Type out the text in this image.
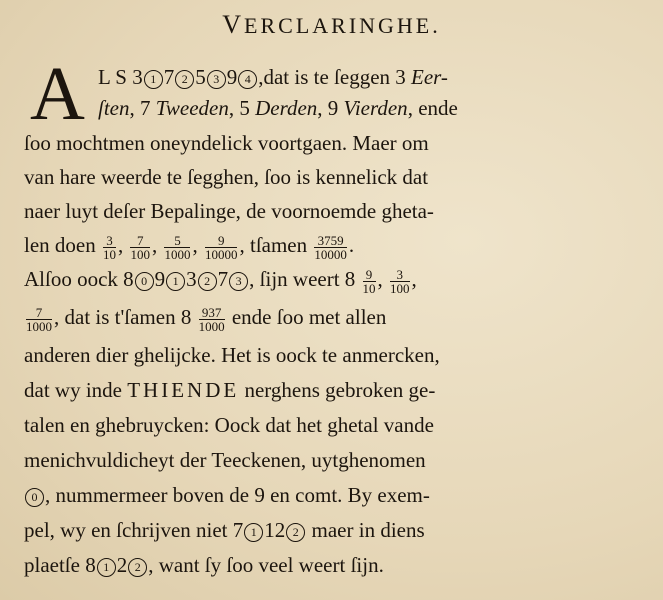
VERCLARINGHE.
A L S 3 1 7 2 5 3 9 4 ,dat is te ſeggen 3 Eer-
ſten, 7 Tweeden, 5 Derden, 9 Vierden, ende
ſoo mochtmen oneyndelick voortgaen. Maer om
van hare weerde te ſegghen, ſoo is kennelick dat
naer luyt deſer Bepalinge, de voornoemde gheta-
len doen $\frac{3}{10}$ , $\frac{7}{100}$ , $\frac{5}{1000}$ , $\frac{9}{10000}$ , tſamen $\frac{3759}{10000}$ .
Alſoo oock 8 0 9 1 3 2 7 3 , ſijn weert $8 \frac{9}{10}$ , $\frac{3}{100}$ ,
$\frac{7}{1000}$ , dat is t'ſamen $8 \frac{937}{1000}$ ende ſoo met allen
anderen dier ghelijcke. Het is oock te anmercken,
dat wy inde THIENDE nerghens gebroken ge-
talen en ghebruycken: Oock dat het ghetal vande
menichvuldicheyt der Teeckenen, uytghenomen
0 , nummermeer boven de 9 en comt. By exem-
pel, wy en ſchrijven niet 7 1 12 2 maer in diens
plaetſe 8 1 2 2 , want ſy ſoo veel weert ſijn.
